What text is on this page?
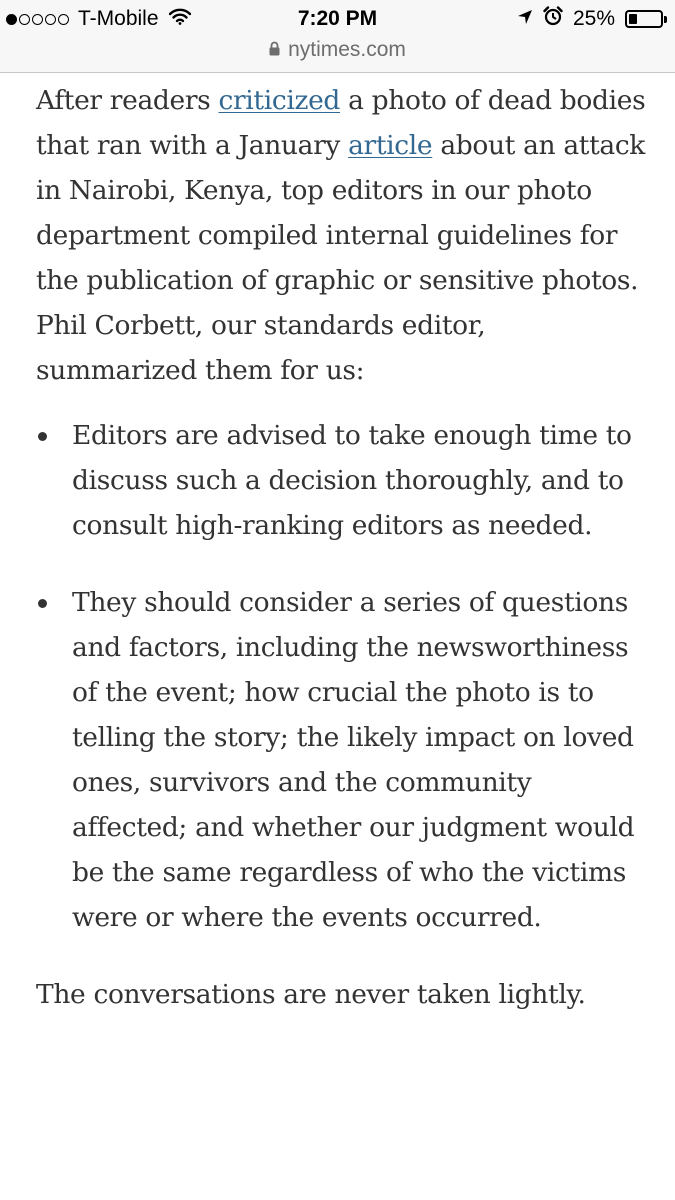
T-Mobile	7:20 PM	25%
nytimes.com

After readers criticized a photo of dead bodies that ran with a January article about an attack in Nairobi, Kenya, top editors in our photo department compiled internal guidelines for the publication of graphic or sensitive photos. Phil Corbett, our standards editor, summarized them for us:

Editors are advised to take enough time to discuss such a decision thoroughly, and to consult high-ranking editors as needed.
They should consider a series of questions and factors, including the newsworthiness of the event; how crucial the photo is to telling the story; the likely impact on loved ones, survivors and the community affected; and whether our judgment would be the same regardless of who the victims were or where the events occurred.

The conversations are never taken lightly.
